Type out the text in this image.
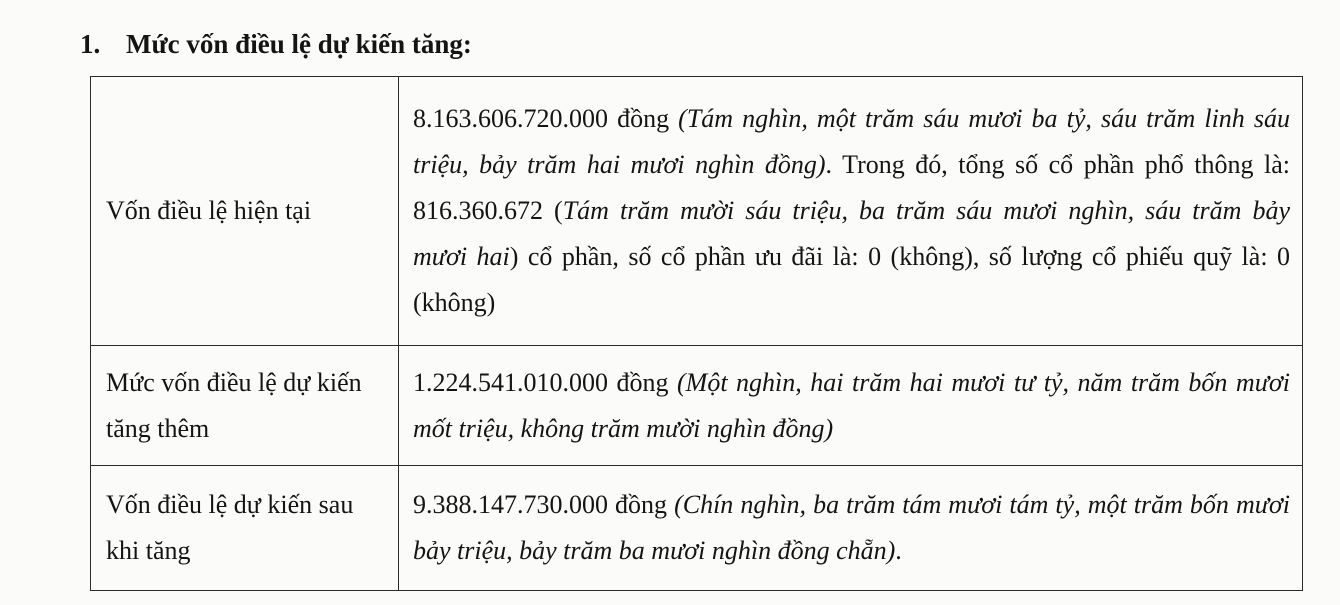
1. Mức vốn điều lệ dự kiến tăng:
Vốn điều lệ hiện tại	8.163.606.720.000 đồng (Tám nghìn, một trăm sáu mươi ba tỷ, sáu trăm linh sáu triệu, bảy trăm hai mươi nghìn đồng). Trong đó, tổng số cổ phần phổ thông là: 816.360.672 (Tám trăm mười sáu triệu, ba trăm sáu mươi nghìn, sáu trăm bảy mươi hai) cổ phần, số cổ phần ưu đãi là: 0 (không), số lượng cổ phiếu quỹ là: 0 (không)
Mức vốn điều lệ dự kiến tăng thêm	1.224.541.010.000 đồng (Một nghìn, hai trăm hai mươi tư tỷ, năm trăm bốn mươi mốt triệu, không trăm mười nghìn đồng)
Vốn điều lệ dự kiến sau khi tăng	9.388.147.730.000 đồng (Chín nghìn, ba trăm tám mươi tám tỷ, một trăm bốn mươi bảy triệu, bảy trăm ba mươi nghìn đồng chẵn).
